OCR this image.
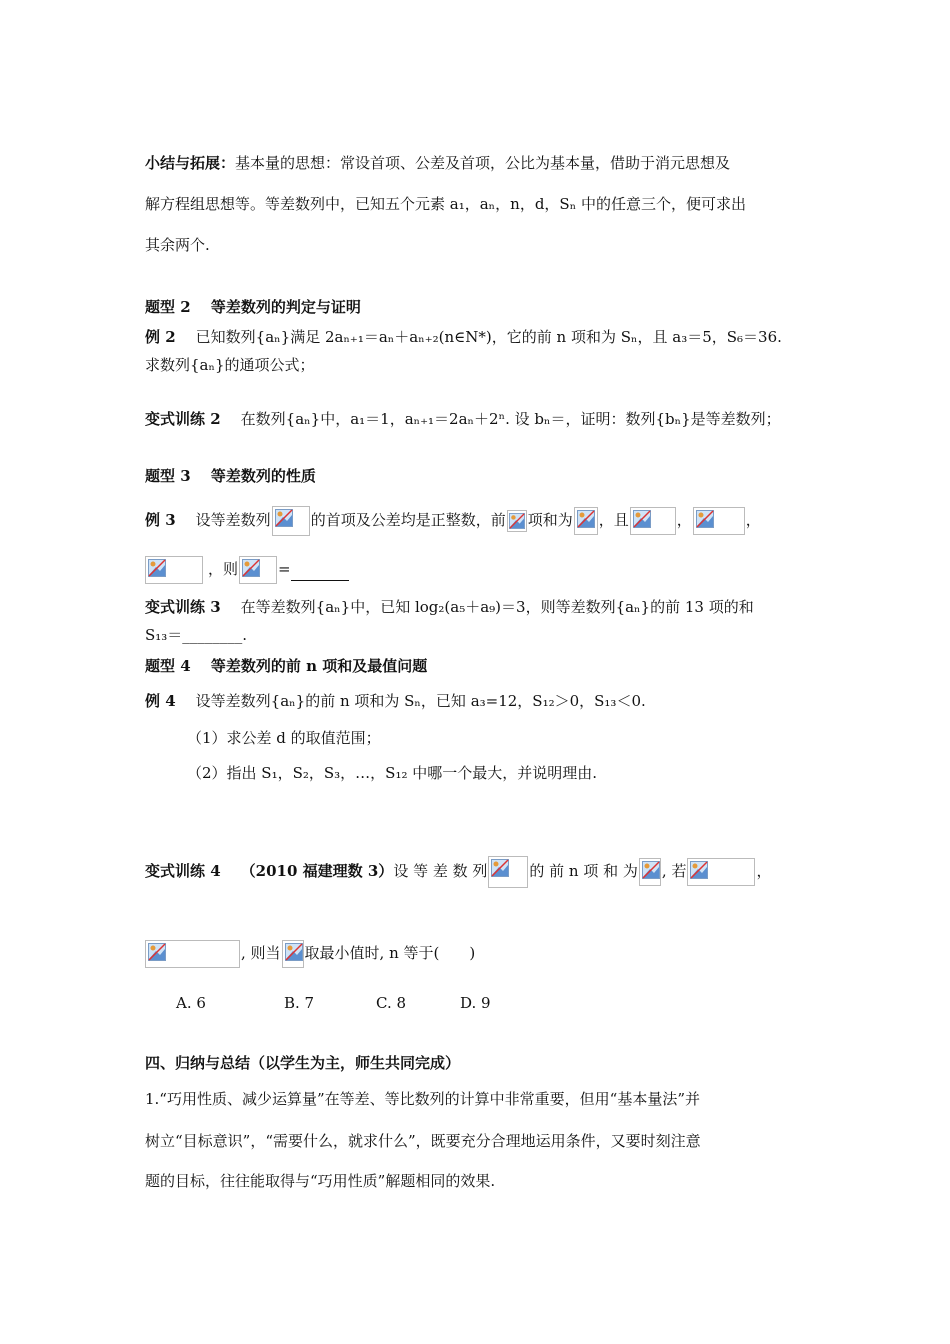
小结与拓展：基本量的思想：常设首项、公差及首项，公比为基本量，借助于消元思想及
解方程组思想等。等差数列中，已知五个元素 a₁，aₙ，n，d，Sₙ 中的任意三个，便可求出
其余两个.
题型 2　 等差数列的判定与证明
例 2 已知数列{aₙ}满足 2aₙ₊₁＝aₙ＋aₙ₊₂(n∈N*)，它的前 n 项和为 Sₙ，且 a₃＝5，S₆＝36.
求数列{aₙ}的通项公式；
变式训练 2 在数列{aₙ}中，a₁＝1，aₙ₊₁＝2aₙ＋2ⁿ. 设 bₙ＝，证明：数列{bₙ}是等差数列；
题型 3　 等差数列的性质
例 3 设等差数列	的首项及公差均是正整数，前 项和为 ，且	，	，
，则	=
变式训练 3 在等差数列{aₙ}中，已知 log₂(a₅＋a₉)＝3，则等差数列{aₙ}的前 13 项的和
S₁₃＝________.
题型 4　 等差数列的前 n 项和及最值问题
例 4 设等差数列{aₙ}的前 n 项和为 Sₙ，已知 a₃=12，S₁₂＞0，S₁₃＜0.
（1）求公差 d 的取值范围；
（2）指出 S₁，S₂，S₃，…，S₁₂ 中哪一个最大，并说明理由.
变式训练 4 （2010 福建理数 3）设 等 差 数 列	的 前 n 项 和 为 , 若	，
, 则当 取最小值时, n 等于(　　)
A. 6	B. 7	C. 8	D. 9
四、归纳与总结（以学生为主，师生共同完成）
1.“巧用性质、减少运算量”在等差、等比数列的计算中非常重要，但用“基本量法”并
树立“目标意识”，“需要什么，就求什么”，既要充分合理地运用条件，又要时刻注意
题的目标，往往能取得与“巧用性质”解题相同的效果.
